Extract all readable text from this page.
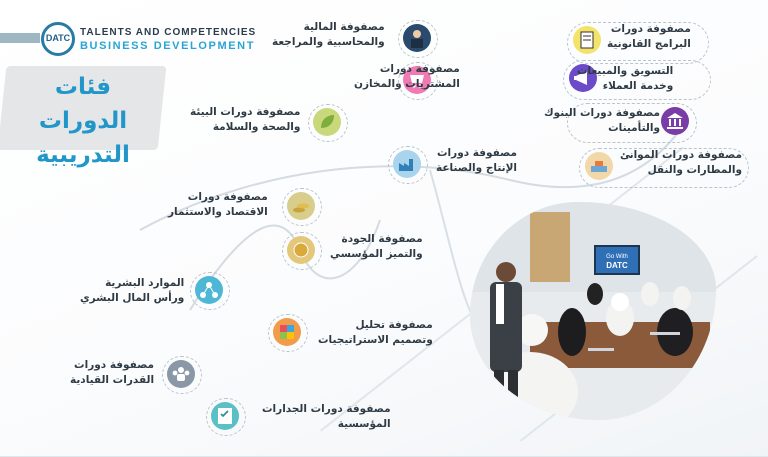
DATC TALENTS AND COMPETENCIES
BUSINESS DEVELOPMENT
فئات الدورات
التدريبية
Go With
DATC
مصفوفة دورات
البرامج القانونية
مصفوفة المالية
والمحاسبية والمراجعة
التسويق والمبيعات
وخدمة العملاء
مصفوفة دورات
المشتريات والمخازن
مصفوفة دورات البنوك
والتأمينات
مصفوفة دورات البيئة
والصحة والسلامة
مصفوفة دورات الموانئ
والمطارات والنقل
مصفوفة دورات
الإنتاج والصناعة
مصفوفة دورات
الاقتصاد والاستثمار
مصفوفة الجودة
والتميز المؤسسي
الموارد البشرية
ورأس المال البشري
مصفوفة تحليل
وتصميم الاستراتيجيات
مصفوفة دورات
القدرات القيادية
مصفوفة دورات الجدارات
المؤسسية
